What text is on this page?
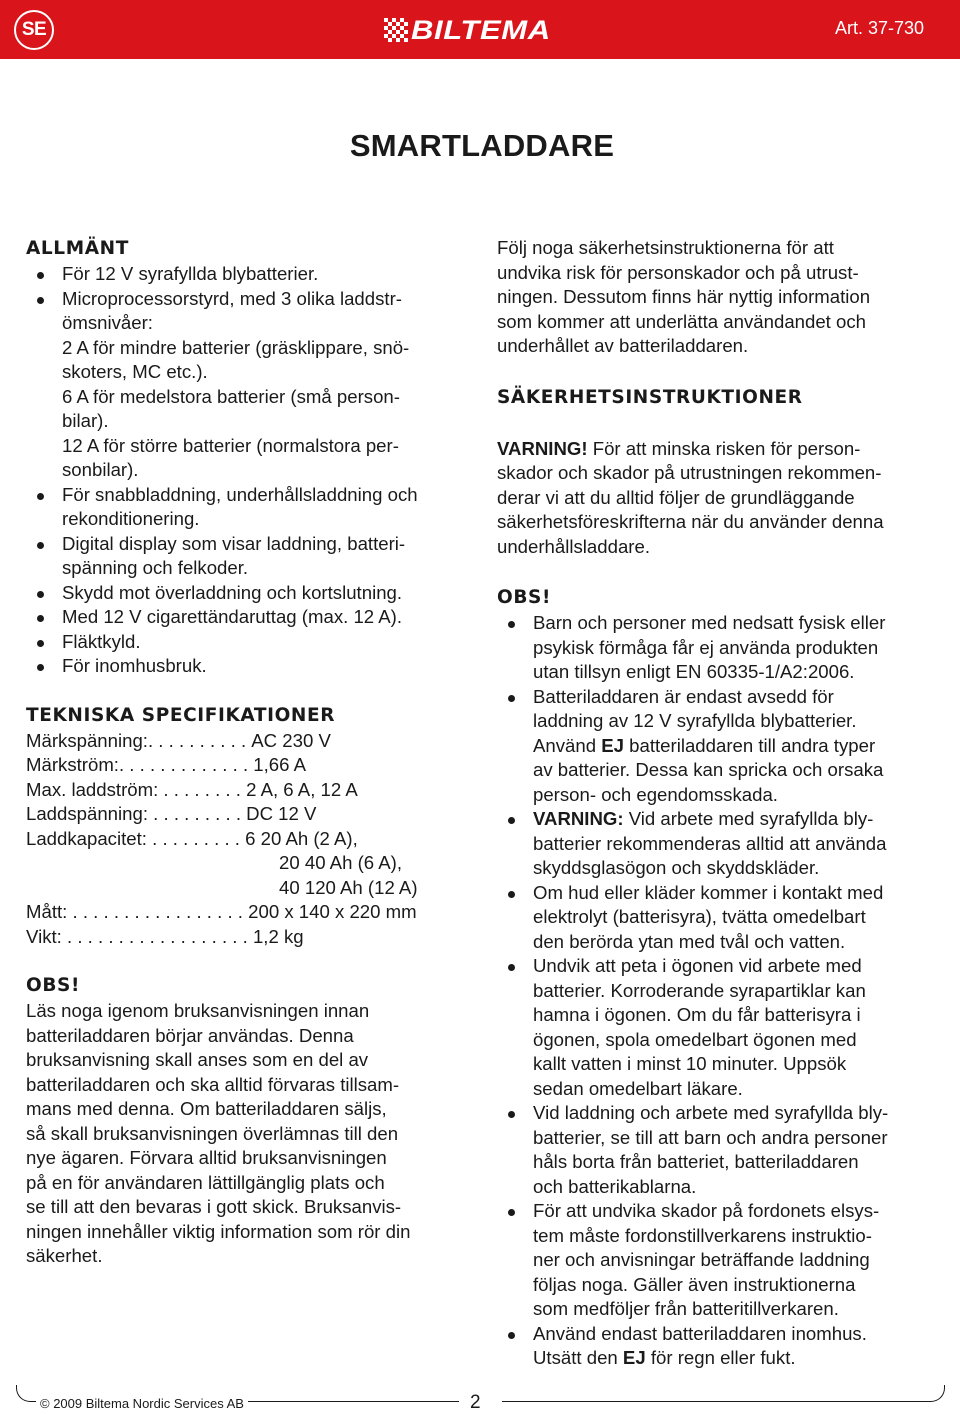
SE	BILTEMA	Art. 37-730
SMARTLADDARE
ALLMÄNT
För 12 V syrafyllda blybatterier.
Microprocessorstyrd, med 3 olika laddstr-
ömsnivåer:
2 A för mindre batterier (gräsklippare, snö-
skoters, MC etc.).
6 A för medelstora batterier (små person-
bilar).
12 A för större batterier (normalstora per-
sonbilar).
För snabbladdning, underhållsladdning och
rekonditionering.
Digital display som visar laddning, batteri-
spänning och felkoder.
Skydd mot överladdning och kortslutning.
Med 12 V cigarettändaruttag (max. 12 A).
Fläktkyld.
För inomhusbruk.
TEKNISKA SPECIFIKATIONER
Märkspänning:. . . . . . . . . . AC 230 V
Märkström:. . . . . . . . . . . . . 1,66 A
Max. laddström: . . . . . . . . 2 A, 6 A, 12 A
Laddspänning: . . . . . . . . . DC 12 V
Laddkapacitet: . . . . . . . . . 6 20 Ah (2 A),
20 40 Ah (6 A),
40 120 Ah (12 A)
Mått: . . . . . . . . . . . . . . . . . 200 x 140 x 220 mm
Vikt: . . . . . . . . . . . . . . . . . . 1,2 kg
OBS!

Läs noga igenom bruksanvisningen innan
batteriladdaren börjar användas. Denna
bruksanvisning skall anses som en del av
batteriladdaren och ska alltid förvaras tillsam-
mans med denna. Om batteriladdaren säljs,
så skall bruksanvisningen överlämnas till den
nye ägaren. Förvara alltid bruksanvisningen
på en för användaren lättillgänglig plats och
se till att den bevaras i gott skick. Bruksanvis-
ningen innehåller viktig information som rör din
säkerhet.

Följ noga säkerhetsinstruktionerna för att
undvika risk för personskador och på utrust-
ningen. Dessutom finns här nyttig information
som kommer att underlätta användandet och
underhållet av batteriladdaren.

SÄKERHETSINSTRUKTIONER

VARNING! För att minska risken för person-
skador och skador på utrustningen rekommen-
derar vi att du alltid följer de grundläggande
säkerhetsföreskrifterna när du använder denna
underhållsladdare.

OBS!
Barn och personer med nedsatt fysisk eller
psykisk förmåga får ej använda produkten
utan tillsyn enligt EN 60335-1/A2:2006.
Batteriladdaren är endast avsedd för
laddning av 12 V syrafyllda blybatterier.
Använd EJ batteriladdaren till andra typer
av batterier. Dessa kan spricka och orsaka
person- och egendomsskada.
VARNING: Vid arbete med syrafyllda bly-
batterier rekommenderas alltid att använda
skyddsglasögon och skyddskläder.
Om hud eller kläder kommer i kontakt med
elektrolyt (batterisyra), tvätta omedelbart
den berörda ytan med tvål och vatten.
Undvik att peta i ögonen vid arbete med
batterier. Korroderande syrapartiklar kan
hamna i ögonen. Om du får batterisyra i
ögonen, spola omedelbart ögonen med
kallt vatten i minst 10 minuter. Uppsök
sedan omedelbart läkare.
Vid laddning och arbete med syrafyllda bly-
batterier, se till att barn och andra personer
håls borta från batteriet, batteriladdaren
och batterikablarna.
För att undvika skador på fordonets elsys-
tem måste fordonstillverkarens instruktio-
ner och anvisningar beträffande laddning
följas noga. Gäller även instruktionerna
som medföljer från batteritillverkaren.
Använd endast batteriladdaren inomhus.
Utsätt den EJ för regn eller fukt.
© 2009 Biltema Nordic Services AB	2
